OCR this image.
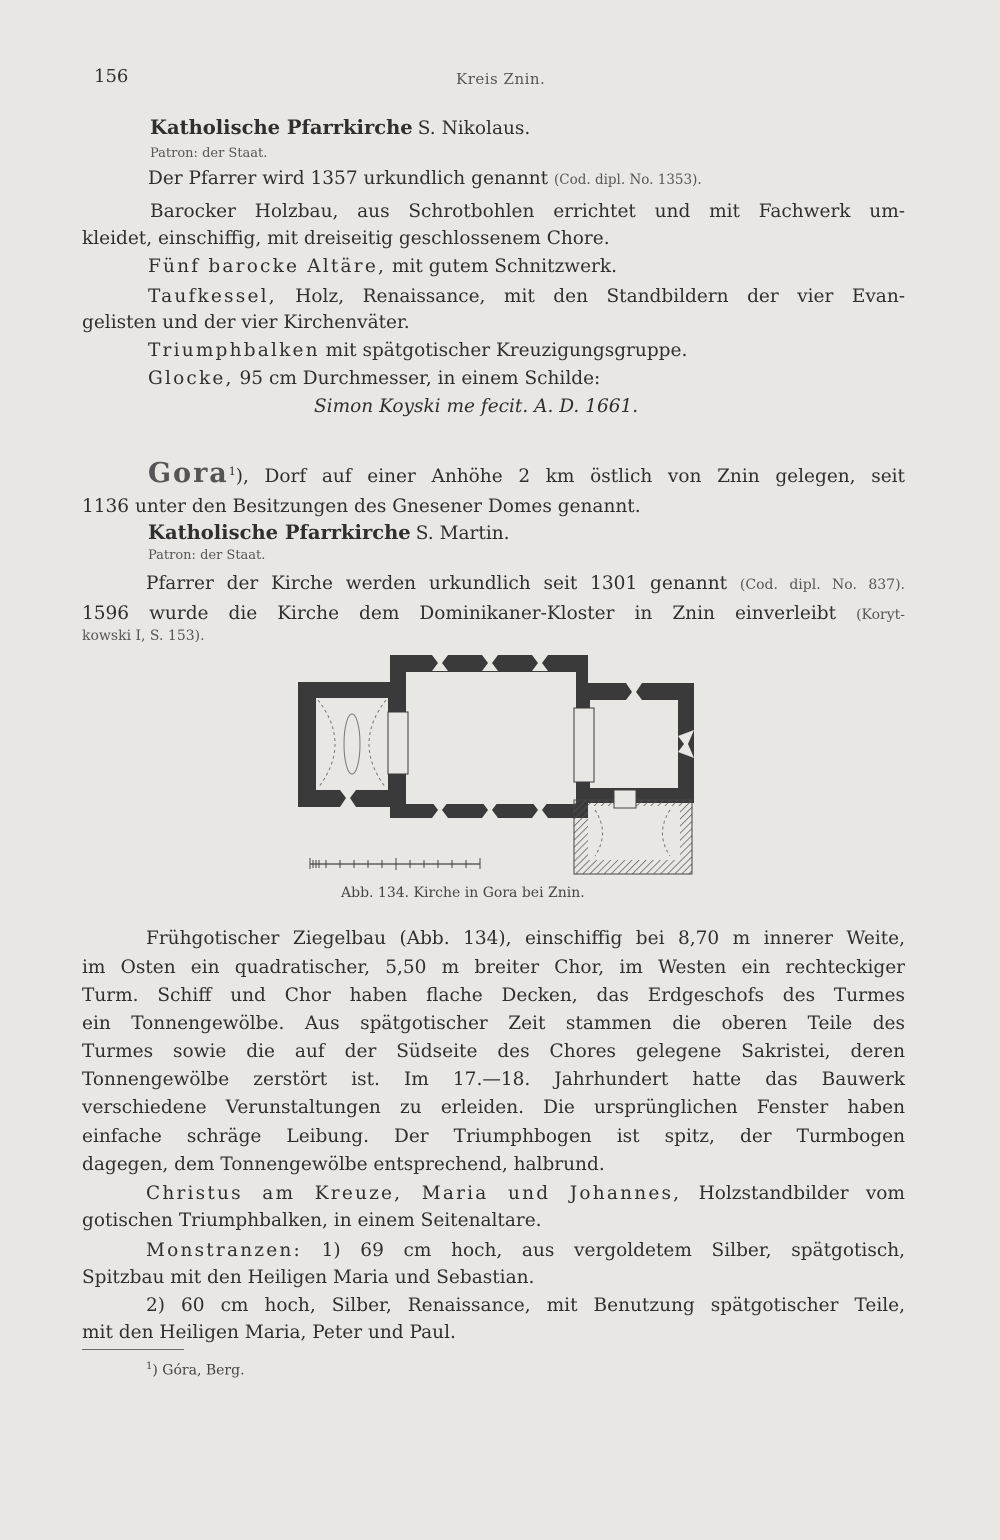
156	Kreis Znin.
Katholische Pfarrkirche S. Nikolaus.
Patron: der Staat.
Der Pfarrer wird 1357 urkundlich genannt (Cod. dipl. No. 1353).
Barocker Holzbau, aus Schrotbohlen errichtet und mit Fachwerk um-
kleidet, einschiffig, mit dreiseitig geschlossenem Chore.
Fünf barocke Altäre, mit gutem Schnitzwerk.
Taufkessel, Holz, Renaissance, mit den Standbildern der vier Evan-
gelisten und der vier Kirchenväter.
Triumphbalken mit spätgotischer Kreuzigungsgruppe.
Glocke, 95 cm Durchmesser, in einem Schilde:
Simon Koyski me fecit. A. D. 1661.
Gora$^1$), Dorf auf einer Anhöhe 2 km östlich von Znin gelegen, seit
1136 unter den Besitzungen des Gnesener Domes genannt.
Katholische Pfarrkirche S. Martin.
Patron: der Staat.
Pfarrer der Kirche werden urkundlich seit 1301 genannt (Cod. dipl. No. 837).
1596 wurde die Kirche dem Dominikaner-Kloster in Znin einverleibt (Koryt-
kowski I, S. 153).
Abb. 134. Kirche in Gora bei Znin.
Frühgotischer Ziegelbau (Abb. 134), einschiffig bei 8,70 m innerer Weite,
im Osten ein quadratischer, 5,50 m breiter Chor, im Westen ein rechteckiger
Turm. Schiff und Chor haben flache Decken, das Erdgeschofs des Turmes
ein Tonnengewölbe. Aus spätgotischer Zeit stammen die oberen Teile des
Turmes sowie die auf der Südseite des Chores gelegene Sakristei, deren
Tonnengewölbe zerstört ist. Im 17.—18. Jahrhundert hatte das Bauwerk
verschiedene Verunstaltungen zu erleiden. Die ursprünglichen Fenster haben
einfache schräge Leibung. Der Triumphbogen ist spitz, der Turmbogen
dagegen, dem Tonnengewölbe entsprechend, halbrund.
Christus am Kreuze, Maria und Johannes, Holzstandbilder vom
gotischen Triumphbalken, in einem Seitenaltare.
Monstranzen: 1) 69 cm hoch, aus vergoldetem Silber, spätgotisch,
Spitzbau mit den Heiligen Maria und Sebastian.
2) 60 cm hoch, Silber, Renaissance, mit Benutzung spätgotischer Teile,
mit den Heiligen Maria, Peter und Paul.
$^1$) Góra, Berg.
